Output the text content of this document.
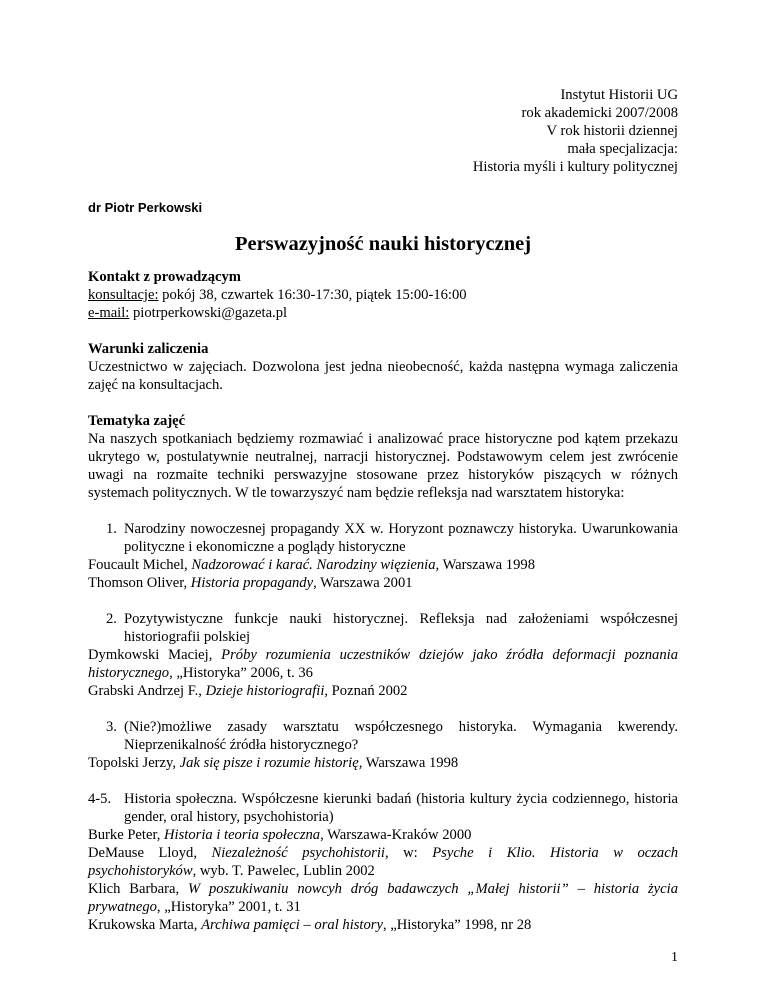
Instytut Historii UG
rok akademicki 2007/2008
V rok historii dziennej
mała specjalizacja:
Historia myśli i kultury politycznej
dr Piotr Perkowski
Perswazyjność nauki historycznej

Kontakt z prowadzącym

konsultacje: pokój 38, czwartek 16:30-17:30, piątek 15:00-16:00

e-mail: piotrperkowski@gazeta.pl

Warunki zaliczenia

Uczestnictwo w zajęciach. Dozwolona jest jedna nieobecność, każda następna wymaga zaliczenia zajęć na konsultacjach.

Tematyka zajęć

Na naszych spotkaniach będziemy rozmawiać i analizować prace historyczne pod kątem przekazu ukrytego w, postulatywnie neutralnej, narracji historycznej. Podstawowym celem jest zwrócenie uwagi na rozmaite techniki perswazyjne stosowane przez historyków piszących w różnych systemach politycznych. W tle towarzyszyć nam będzie refleksja nad warsztatem historyka:

1. Narodziny nowoczesnej propagandy XX w. Horyzont poznawczy historyka. Uwarunkowania polityczne i ekonomiczne a poglądy historyczne

Foucault Michel, Nadzorować i karać. Narodziny więzienia, Warszawa 1998

Thomson Oliver, Historia propagandy, Warszawa 2001

2. Pozytywistyczne funkcje nauki historycznej. Refleksja nad założeniami współczesnej historiografii polskiej

Dymkowski Maciej, Próby rozumienia uczestników dziejów jako źródła deformacji poznania historycznego, „Historyka” 2006, t. 36

Grabski Andrzej F., Dzieje historiografii, Poznań 2002

3. (Nie?)możliwe zasady warsztatu współczesnego historyka. Wymagania kwerendy. Nieprzenikalność źródła historycznego?

Topolski Jerzy, Jak się pisze i rozumie historię, Warszawa 1998

4-5. Historia społeczna. Współczesne kierunki badań (historia kultury życia codziennego, historia gender, oral history, psychohistoria)

Burke Peter, Historia i teoria społeczna, Warszawa-Kraków 2000

DeMause Lloyd, Niezależność psychohistorii, w: Psyche i Klio. Historia w oczach psychohistoryków, wyb. T. Pawelec, Lublin 2002

Klich Barbara, W poszukiwaniu nowcyh dróg badawczych „Małej historii” – historia życia prywatnego, „Historyka” 2001, t. 31

Krukowska Marta, Archiwa pamięci – oral history, „Historyka” 1998, nr 28

1
